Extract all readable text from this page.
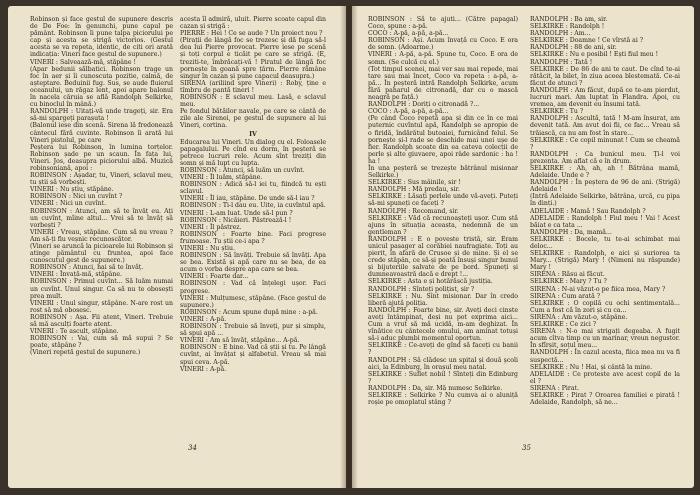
Robinson și face gestul de supunere descris de De Foe: în genunchi, pune capul pe pământ. Robinson îi pune talpa piciorului pe cap și acesta se strigă victorios. (Gestul acesta se va repeta, identic, de citi ori arată indicația: Vineri face gestul de supunere.)

VINERI : Salveaază-mă, stăpâne !

(Apar bedunii sălbatici. Robinson trage un foc în aer și îi cunoscuta pozitie, calmă, de așteptare. Beduinii fug. Sus, se aude fluierul oceanului, un răgaz lent, apoi apare balonul în nacela căruia se află Randolph Selkirke, cu binoclul în mână.)

RANDOLPH : Uitați-vă unde trageți, sir. Era să-mi spargeți parașuta !

(Balonul iese din scenă. Sirena lă fredonează cântecul fără cuvinte. Robinson îi arată lui Vineri pistolul, pe care

Peștera lui Robinson, în lumina torțelor. Robinson șade pe un scaun. În fața lui, Vineri. Jos, deasupra piciorului albă. Muzică robinsoniană, apoi :

ROBINSON : Așadar, tu, Vineri, sclavul meu, tu știi să vorbești.

VINERI : Nu știu, stăpâne.

ROBINSON : Nici un cuvînt ?

VINERI : Nici un cuvînt.

ROBINSON : Atunci, am să te învăț eu. Ați un cuvînt, mîine altul... Vrei să te învăț să vorbești ?

VINERI : Vreau, stăpâne. Cum să nu vreau ? Am să-ți fiu veșnic recunoscător.

(Vineri se aruncă la picioarele lui Robinson și atinge pământul cu fruntea, apoi face cunoscutul gest de supunere.)

ROBINSON : Atunci, hai să te învăț.

VINERI : Învață-mă, stăpâne.

ROBINSON : Primul cuvînt... Să luăm numai un cuvînt. Unul singur. Ca să nu te obosești prea mult.

VINERI : Unul singur, stăpâne. N-are rost un rost să mă obosesc.

ROBINSON : Așa. Fii atent, Vineri. Trebuie să mă asculți foarte atent.

VINERI : Te ascult, stăpâne.

ROBINSON : Vai, cum să mă supui ? Se poate, stăpâne ?

(Vineri repetă gestul de supunere.)

acesta îl admiră, uluit. Pierre scoate capul din cazan și strigă :

PIERRE : Hei ! Ce se aude ? Un proiect nou ?

(Pirații de lângă foc se trezesc și dă fuga să-l dea lui Pierre provocat. Pierre iese pe scenă și toți corpul e ticăit pe care se strigă. (E, treziti-te, îmbrăcați-vă ! Piratul de lângă foc pornește în goană spre țărm. Pierre rămâne singur în cazan și pune capacul deasupra.)

SIRENA (ariliind spre Vineri) : Roby, ține e tîmbru de pantă tineri !

ROBINSON : E sclavul meu. Lasă, e sclavul meu.

Pe fondul bătăilor navale, pe care se cântă de zile ale Sirenei, pe gestul de supunere al lui Vineri, cortina.

IV

Educarea lui Vineri. Un dialog cu el. Foloasele papagalului. Pe cînd eu dorm, în peșteră se petrece lucruri rele. Acum sînt treziți din somn și mă lupt cu lupta.

ROBINSON : Atunci, să luăm un cuvînt.

VINERI : Îl luăm, stăpâne.

ROBINSON : Adică să-l iei tu, fiindcă tu ești sclavul.

VINERI : Îl iau, stăpâne. De unde să-l iau ?

ROBINSON : Ti-l dau eu. Uite, ia cuvîntul apă.

VINERI : L-am luat. Unde să-l pun ?

ROBINSON : Nicăieri. Păstrează-l !

VINERI : Îl păstrez.

ROBINSON : Foarte bine. Faci progrese frumoase. Tu știi ce-i apa ?

VINERI : Nu știu.

ROBINSON : Să învăți. Trebuie să învăți. Apa se bea. Există și apă care nu se bea, de ea acum o vorba despre apa care se bea.

VINERI : Foarte dar...

ROBINSON : Vad că înțelegi ușor. Faci progrese.

VINERI : Mulțumesc, stăpâne. (Face gestul de supunere.)

ROBINSON : Acum spune după mine : a-pă.

VINERI : A-pă.

ROBINSON : Trebuie să înveți, pur și simplu, să spui apă ...

VINERI : Am să învăț, stăpâne... A-pă.

ROBINSON : E bine. Vad că știi și tu. Pe lângă cuvînt, ai învățat și alfabetul. Vreau să mai spui ceva. A-pă.

VINERI : A-pă.

34

ROBINSON : Să te ajuti... (Către papagal) Coco, spune : a-pă.

COCO : A-pă, a-pă, a-pă...

ROBINSON : Ași. Acum învață cu Coco. E ora de somn. (Adoarme.)

VINERI : A-pă, a-pă. Spune tu, Coco. E ora de somn. (Se culcă cu el.)

(Tot timpul scenei, mai ver sau mai repede, mai tare sau mai încet, Coco va repeta : a-pă, a-pă... În peșteră intră Randolph Selkirke, acum fără paharul de citronadă, dar cu o mască neagră pe față.)

RANDOLPH : Doriți o citronadă ?...

COCO : A-pă, a-pă, a-pă...

(Pe când Coco repetă apa și din ce în ce mai puternic cuvîntul apă, Randolph se apropie de o firidă, îndărătul butoaiei, furnicând felul. Se pornește și-l rade se deschide mai unei ușe de fier. Randolph scoate din ea cateva colecții de perle și alte giuvaere, apoi râde sardonic : ha ! ha !

În una peșteră se trezește bătrânul misionar Selkirke.)

SELKIRKE : Sus mâinile, sir !

RANDOLPH : Mă predau, sir.

SELKIRKE : Lăsați perlele unde vă-aveți. Puteți să-mi spuneți ce faceți ?

RANDOLPH : Recomand, sir.

SELKIRKE : Văd că recunoașteți ușor. Cum stă ajuns în situația aceasta, nedemnă de un gentleman ?

RANDOLPH : E o poveste tristă, sir. Eram unicul pasager al corăbiei naufragiate. Toți au pierit, în afară de Crusoe și de mine. Și el se crede stăpân, ce să-și poată însuși singur bunul și bijuteriile salvate de pe bord. Spuneți și dumneavoastră dacă e drept !...

SELKIRKE : Asta e și hotărăscă justiția.

RANDOLPH : Sînteți polițist, sir ?

SELKIRKE : Nu. Sînt misionar. Dar în credo liberă ajută poliția.

RANDOLPH : Foarte bine, sir. Aveți deci cinste aveți întâmpinat, deși nu pot exprima aici... Cum a vrut să mă ucidă, m-am deghizat. În vînătice cu cântecele omului, am aminat totuși să-i aduc plumbi momentul oportun.

SELKIRKE : Ce-aveți de gînd să faceți cu banii ?

RANDOLPH : Să clădesc un spital și două școli aici, la Edinburg, în orașul meu natal.

SELKIRKE : Suflet nobil ! Sînteți din Edinburg ?

RANDOLPH : Da, sir. Mă numesc Selkirke.

SELKIRKE : Selkirke ? Nu cumva ai o aluniță roșie pe omoplatul stâng ?

RANDOLPH : Ba am, sir.

SELKIRKE : Randolph !

RANDOLPH : Am...

SELKIRKE : Doamne ! Ce vîrstă ai ?

RANDOLPH : 88 de ani, sir.

SELKIRKE : Nu e posibil ! Ești fiul meu !

RANDOLPH : Tată !

SELKIRKE : De 86 de ani te caut. De cînd te-ai rătăcit, la bilet, în ziua aceea blestemată. Ce-ai făcut de atunci ?

RANDOLPH : Am făcut, după ce te-am pierdut, lucruri mari. Am luptat în Flandra. Apoi, cu vremea, am devenit eu însumi tată.

SELKIRKE : Tu ?

RANDOLPH : Ascultă, tată ! M-am însurat, am devenit tată. Am avut doi fii, ce fac... Vreau să trăiască, ca nu am fost în stare...

SELKIRKE : Ce copil minunat ! Cum se cheamă ?

RANDOLPH : Ca bunicul meu. Ți-l voi prezenta. Am aflat că e în drum.

SELKIRKE : Ah, ah, ah ! Bătrâna mamă, Adelaide. Unde e ?

RANDOLPH : În peștera de 96 de ani. (Strigă) Adelaide !

(Intră Adelaide Selkirke, bătrâna, urcă, cu pipa în dinți.)

ADELAIDE : Mamă ! Sau Randolph ?

ADELAIDE : Randolph ! Fiul meu ! Vai ! Acest băiat e ca tata ...

RANDOLPH : Da, mamă...

SELKIRKE : Bocele, tu te-ai schimbat mai deloc...

SELKIRKE : Randolph, e aici și suriorea ta Mary... (Strigă) Mary ! (Nimeni nu răspunde) Mary !

SIRENA : Răsu ai făcut.

SELKIRKE : Mary ? Tu ?

SIRENA : N-ai văzut-o pe fiica mea, Mary ?

SIRENA : Cum arată ?

SELKIRKE : O copilă cu ochi sentimentală... Cum a fost că în zori și cu ca...

SIRENA : Am văzut-o, stăpâne.

SELKIRKE : Ce zici ?

SIRENA : N-o mai strigați degeaba. A fugit acum cîtva timp cu un marinar, vreun negustor. În sfîrșit, soțul meu...

RANDOLPH : În cazul acesta, fiica mea nu va fi suspectă...

SELKIRKE : Nu ! Hai, și cântă la mine.

ADELAIDE : Ce proteste ave acest copil de la el ?

SIRENA : Pirat.

SELKIRKE : Pirat ? Oroarea familiei e pirată ! Adelaide, Randolph, să ne...

35
